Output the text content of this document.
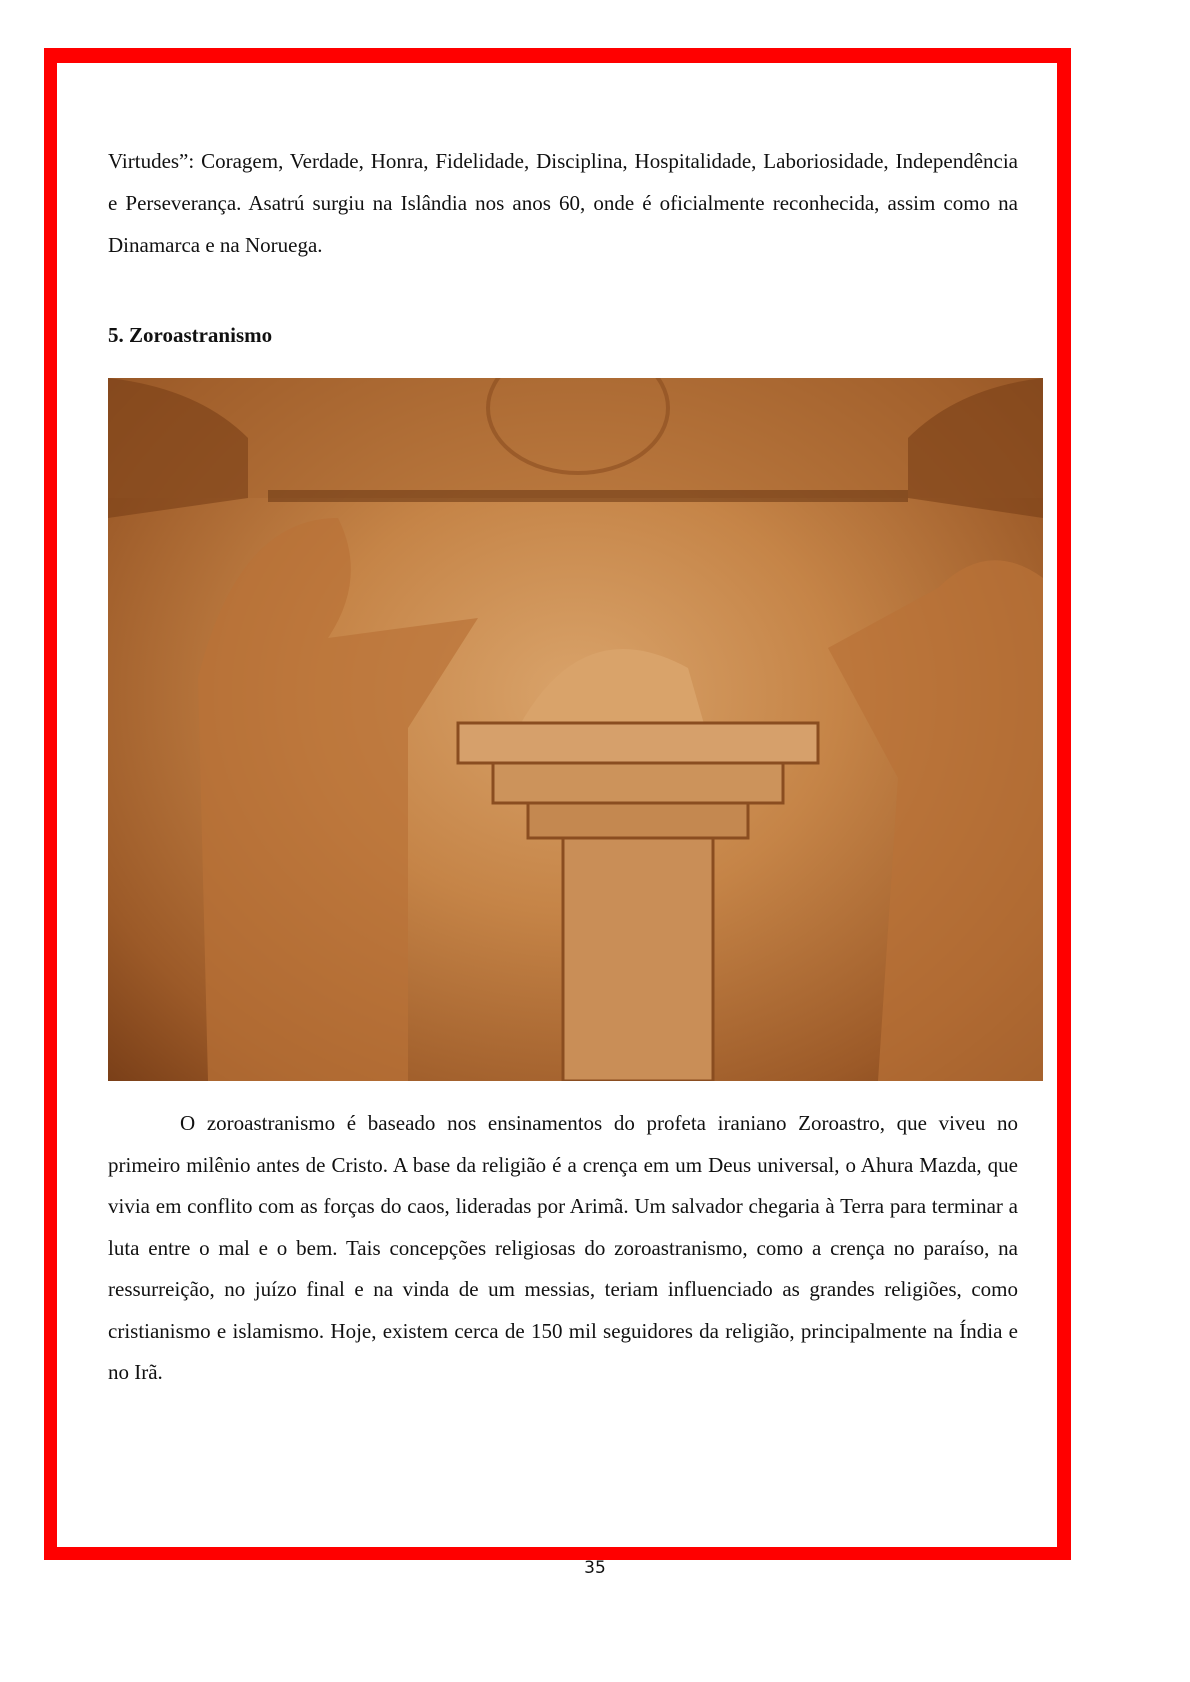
Virtudes”: Coragem, Verdade, Honra, Fidelidade, Disciplina, Hospitalidade, Laboriosidade, Independência e Perseverança. Asatrú surgiu na Islândia nos anos 60, onde é oficialmente reconhecida, assim como na Dinamarca e na Noruega.
5. Zoroastranismo
O zoroastranismo é baseado nos ensinamentos do profeta iraniano Zoroastro, que viveu no primeiro milênio antes de Cristo. A base da religião é a crença em um Deus universal, o Ahura Mazda, que vivia em conflito com as forças do caos, lideradas por Arimã. Um salvador chegaria à Terra para terminar a luta entre o mal e o bem. Tais concepções religiosas do zoroastranismo, como a crença no paraíso, na ressurreição, no juízo final e na vinda de um messias, teriam influenciado as grandes religiões, como cristianismo e islamismo. Hoje, existem cerca de 150 mil seguidores da religião, principalmente na Índia e no Irã.
35
